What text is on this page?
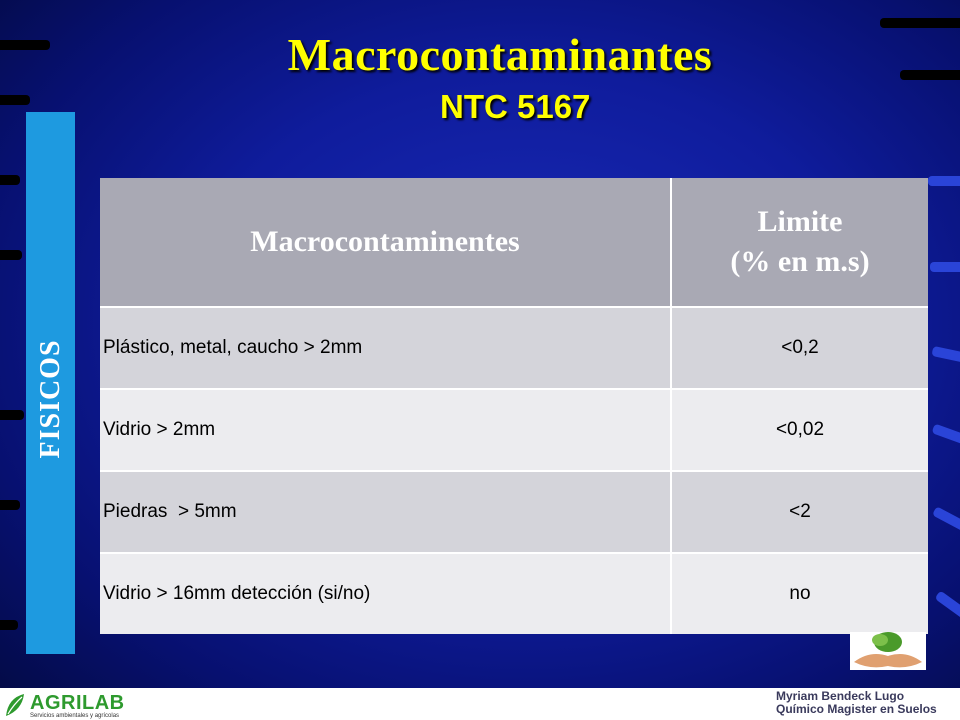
Macrocontaminantes
NTC 5167
FISICOS
Macrocontaminentes	Limite
(% en m.s)

Plástico, metal, caucho > 2mm	<0,2
Vidrio > 2mm	<0,02
Piedras  > 5mm	<2
Vidrio > 16mm detección (si/no)	no
AGRILAB
Servicios ambientales y agrícolas
Myriam Bendeck Lugo
Químico Magister en Suelos
